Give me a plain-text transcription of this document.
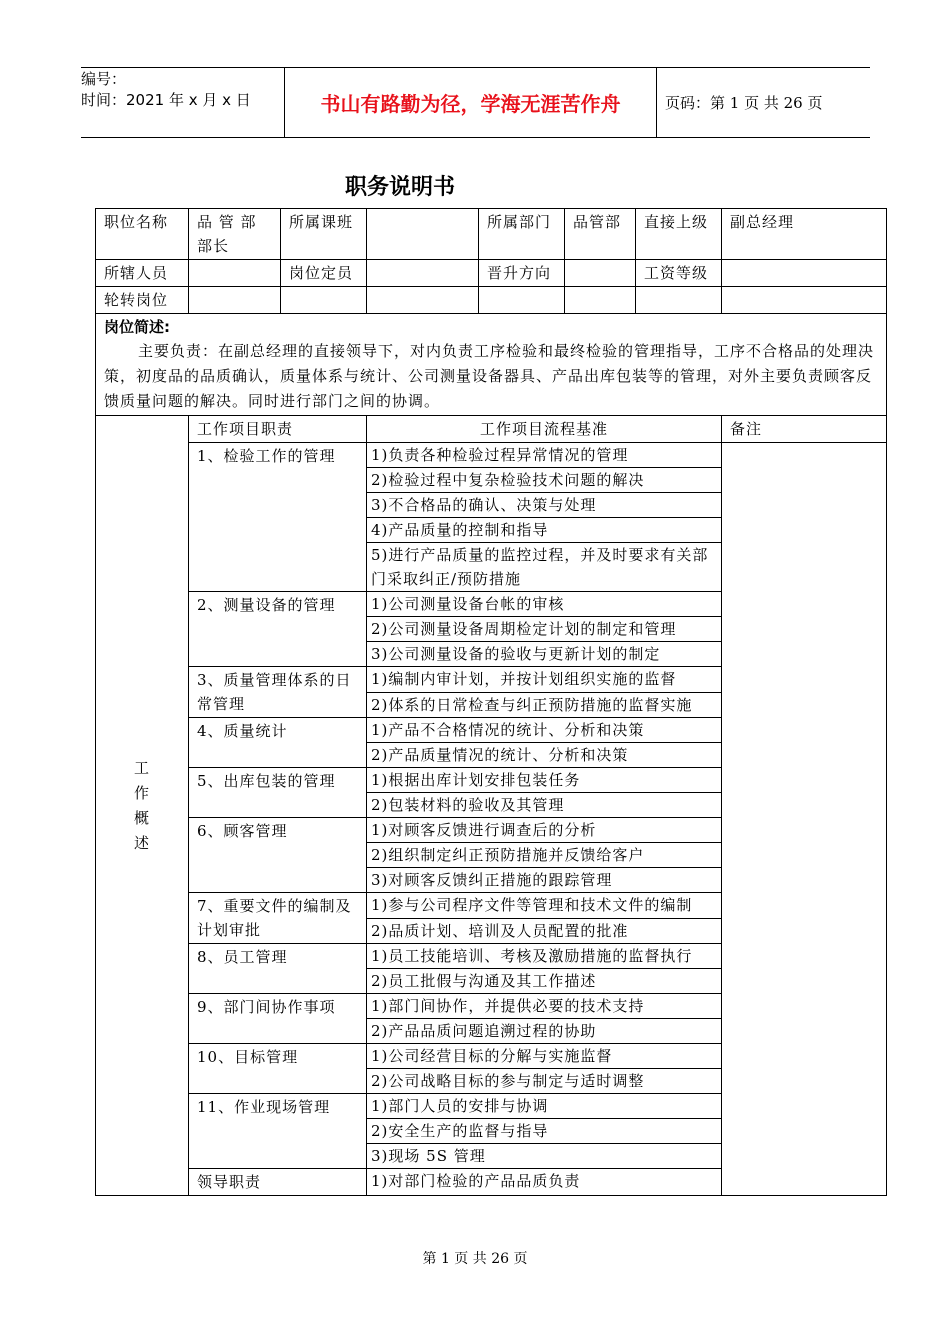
编号：
时间：2021 年 x 月 x 日	书山有路勤为径，学海无涯苦作舟	页码：第 1 页 共 26 页
职务说明书
职位名称	品 管 部 部长	所属课班		所属部门	品管部	直接上级	副总经理
所辖人员		岗位定员		晋升方向		工资等级	
轮转岗位							

岗位简述:
主要负责：在副总经理的直接领导下，对内负责工序检验和最终检验的管理指导，工序不合格品的处理决策，初度品的品质确认，质量体系与统计、公司测量设备器具、产品出库包装等的管理，对外主要负责顾客反馈质量问题的解决。同时进行部门之间的协调。							

工作概述	工作项目职责		工作项目流程基准				备注
	1、检验工作的管理		1)负责各种检验过程异常情况的管理				
			2)检验过程中复杂检验技术问题的解决				
			3)不合格品的确认、决策与处理				
			4)产品质量的控制和指导				
			5)进行产品质量的监控过程，并及时要求有关部门采取纠正/预防措施				
	2、测量设备的管理		1)公司测量设备台帐的审核				
			2)公司测量设备周期检定计划的制定和管理				
			3)公司测量设备的验收与更新计划的制定				
	3、质量管理体系的日常管理		1)编制内审计划，并按计划组织实施的监督				
			2)体系的日常检查与纠正预防措施的监督实施				
	4、质量统计		1)产品不合格情况的统计、分析和决策				
			2)产品质量情况的统计、分析和决策				
	5、出库包装的管理		1)根据出库计划安排包装任务				
			2)包装材料的验收及其管理				
	6、顾客管理		1)对顾客反馈进行调查后的分析				
			2)组织制定纠正预防措施并反馈给客户				
			3)对顾客反馈纠正措施的跟踪管理				
	7、重要文件的编制及计划审批		1)参与公司程序文件等管理和技术文件的编制				
			2)品质计划、培训及人员配置的批准				
	8、员工管理		1)员工技能培训、考核及激励措施的监督执行				
			2)员工批假与沟通及其工作描述				
	9、部门间协作事项		1)部门间协作，并提供必要的技术支持				
			2)产品品质问题追溯过程的协助				
	10、目标管理		1)公司经营目标的分解与实施监督				
			2)公司战略目标的参与制定与适时调整				
	11、作业现场管理		1)部门人员的安排与协调				
			2)安全生产的监督与指导				
			3)现场 5S 管理				
	领导职责		1)对部门检验的产品品质负责				
第 1 页 共 26 页
